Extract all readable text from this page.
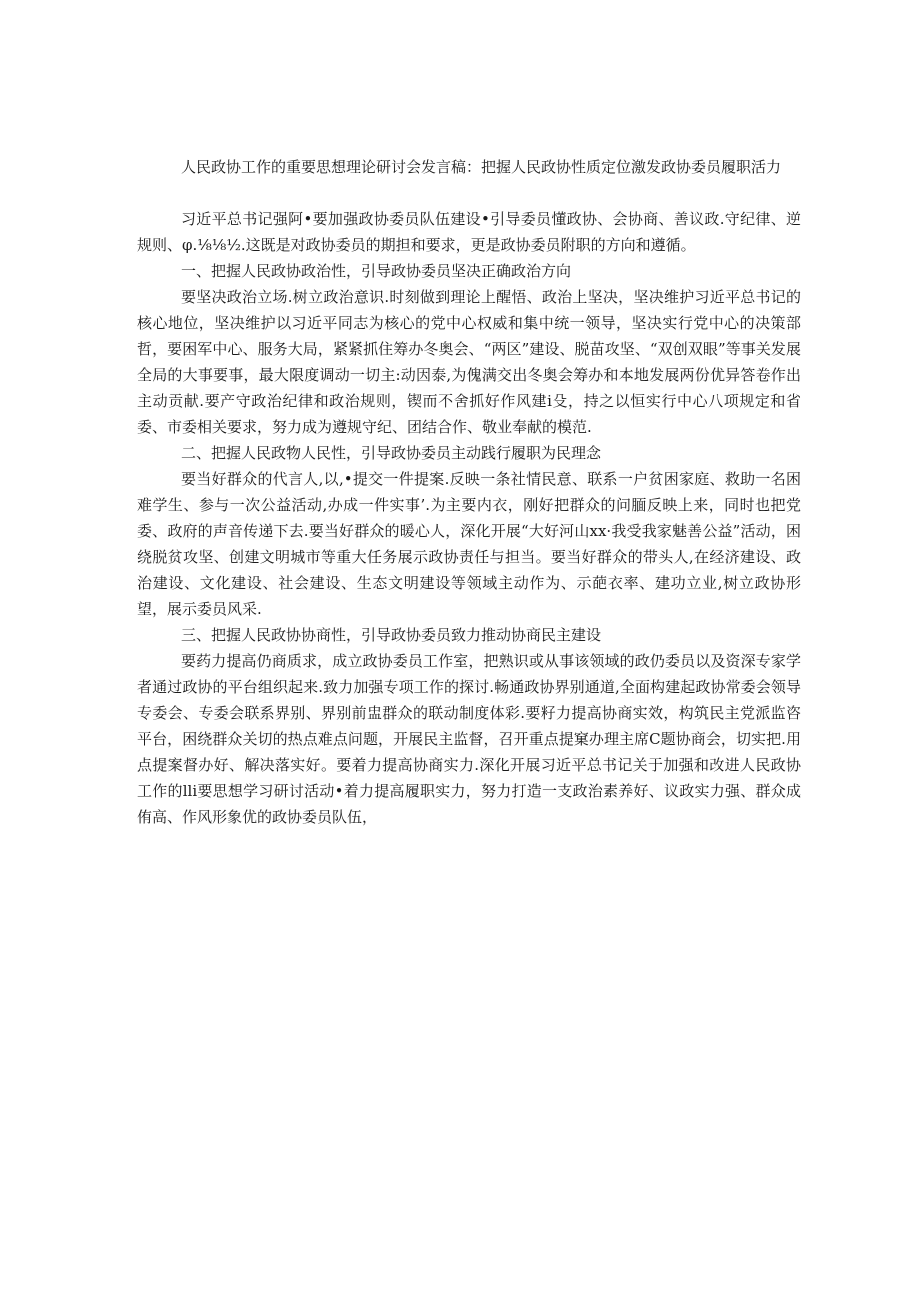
人民政协工作的重要思想理论研讨会发言稿：把握人民政协性质定位激发政协委员履职活力
习近平总书记强阿•要加强政协委员队伍建设•引导委员懂政协、会协商、善议政.守纪律、逆规则、φ.⅛⅛½.这既是对政协委员的期担和要求，更是政协委员附职的方向和遵循。
一、把握人民政协政治性，引导政协委员坚决正确政治方向
要坚决政治立场.树立政治意识.时刻做到理论上醒悟、政治上坚决，坚决维护习近平总书记的核心地位，坚决维护以习近平同志为核心的党中心权威和集中统一领导，坚决实行党中心的决策部哲，要困军中心、服务大局，紧紧抓住筹办冬奥会、“两区”建设、脱苗攻坚、“双创双眼”等事关发展全局的大事要事，最大限度调动一切主:动因泰,为傀满交出冬奥会筹办和本地发展两份优异答卷作出主动贡献.要产守政治纪律和政治规则，锲而不舍抓好作风建i殳，持之以恒实行中心八项规定和省委、市委相关要求，努力成为遵规守纪、团结合作、敬业奉献的模范.
二、把握人民政物人民性，引导政协委员主动践行履职为民理念
要当好群众的代言人,以,•提交一件提案.反映一条社情民意、联系一户贫困家庭、救助一名困难学生、参与一次公益活动,办成一件实事’.为主要内衣，刚好把群众的问腼反映上来，同时也把党委、政府的声音传递下去.要当好群众的暖心人，深化开展“大好河山xx·我受我家魅善公益”活动，困绕脱贫攻坚、创建文明城市等重大任务展示政协责任与担当。要当好群众的带头人,在经济建设、政治建设、文化建设、社会建设、生态文明建设等领域主动作为、示葩衣率、建功立业,树立政协形望，展示委员风采.
三、把握人民政协协商性，引导政协委员致力推动协商民主建设
要药力提高仍商质求，成立政协委员工作室，把熟识或从事该领域的政仍委员以及资深专家学者通过政协的平台组织起来.致力加强专项工作的探讨.畅通政协界别通道,全面构建起政协常委会领导专委会、专委会联系界别、界别前盅群众的联动制度体彩.要籽力提高协商实效，构筑民主党派监咨平台，困绕群众关切的热点难点问题，开展民主监督，召开重点提窠办理主席C题协商会，切实把.用点提案督办好、解决落实好。要着力提高协商实力.深化开展习近平总书记关于加强和改进人民政协工作的lli要思想学习研讨活动•着力提高履职实力，努力打造一支政治素养好、议政实力强、群众成侑高、作风形象优的政协委员队伍，
